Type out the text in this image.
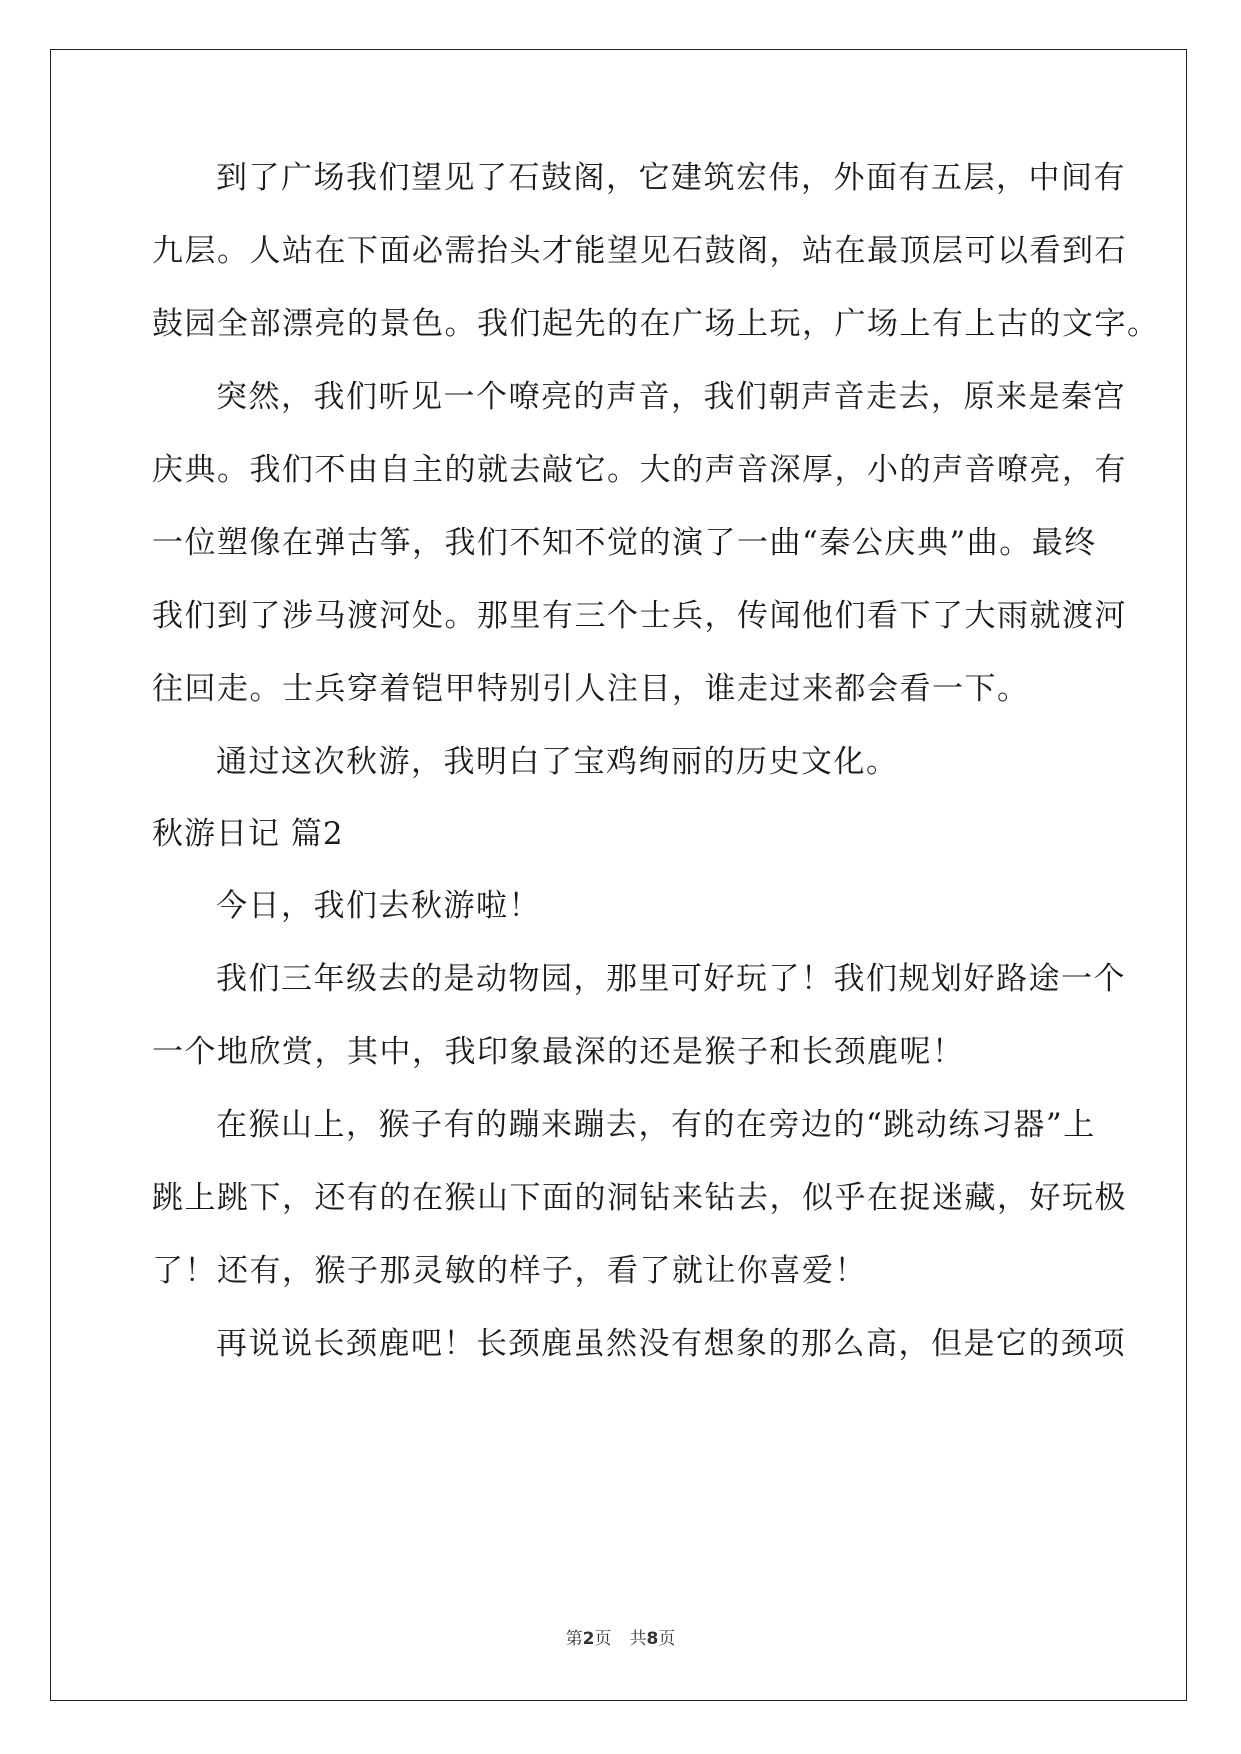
到了广场我们望见了石鼓阁，它建筑宏伟，外面有五层，中间有
九层。人站在下面必需抬头才能望见石鼓阁，站在最顶层可以看到石
鼓园全部漂亮的景色。我们起先的在广场上玩，广场上有上古的文字。
突然，我们听见一个嘹亮的声音，我们朝声音走去，原来是秦宫
庆典。我们不由自主的就去敲它。大的声音深厚，小的声音嘹亮，有
一位塑像在弹古筝，我们不知不觉的演了一曲“秦公庆典”曲。最终
我们到了涉马渡河处。那里有三个士兵，传闻他们看下了大雨就渡河
往回走。士兵穿着铠甲特别引人注目，谁走过来都会看一下。
通过这次秋游，我明白了宝鸡绚丽的历史文化。
秋游日记 篇2
今日，我们去秋游啦！
我们三年级去的是动物园，那里可好玩了！我们规划好路途一个
一个地欣赏，其中，我印象最深的还是猴子和长颈鹿呢！
在猴山上，猴子有的蹦来蹦去，有的在旁边的“跳动练习器”上
跳上跳下，还有的在猴山下面的洞钻来钻去，似乎在捉迷藏，好玩极
了！还有，猴子那灵敏的样子，看了就让你喜爱！
再说说长颈鹿吧！长颈鹿虽然没有想象的那么高，但是它的颈项
第2页 共8页
